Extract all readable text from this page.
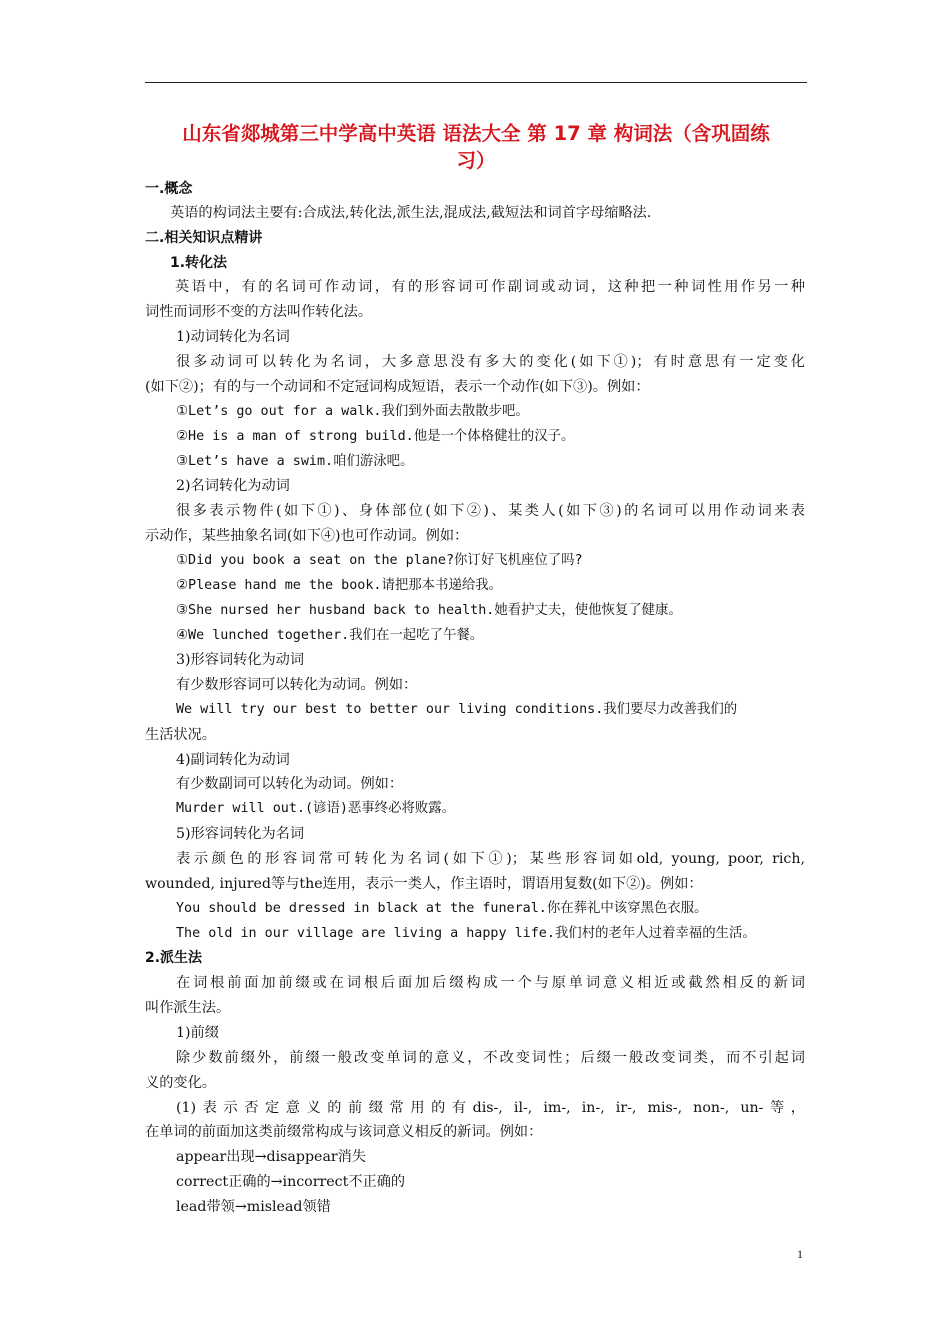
山东省郯城第三中学高中英语 语法大全 第 17 章 构词法（含巩固练
习）
一.概念
英语的构词法主要有:合成法,转化法,派生法,混成法,截短法和词首字母缩略法.
二.相关知识点精讲
1.转化法
英语中，有的名词可作动词，有的形容词可作副词或动词，这种把一种词性用作另一种
词性而词形不变的方法叫作转化法。
1)动词转化为名词
很多动词可以转化为名词，大多意思没有多大的变化(如下①)；有时意思有一定变化
(如下②)；有的与一个动词和不定冠词构成短语，表示一个动作(如下③)。例如：
①Let’s go out for a walk.我们到外面去散散步吧。
②He is a man of strong build.他是一个体格健壮的汉子。
③Let’s have a swim.咱们游泳吧。
2)名词转化为动词
很多表示物件(如下①)、身体部位(如下②)、某类人(如下③)的名词可以用作动词来表
示动作，某些抽象名词(如下④)也可作动词。例如：
①Did you book a seat on the plane?你订好飞机座位了吗?
②Please hand me the book.请把那本书递给我。
③She nursed her husband back to health.她看护丈夫，使他恢复了健康。
④We lunched together.我们在一起吃了午餐。
3)形容词转化为动词
有少数形容词可以转化为动词。例如：
We will try our best to better our living conditions.我们要尽力改善我们的
生活状况。
4)副词转化为动词
有少数副词可以转化为动词。例如：
Murder will out.(谚语)恶事终必将败露。
5)形容词转化为名词
表示颜色的形容词常可转化为名词(如下①)；某些形容词如old, young, poor, rich,
wounded, injured等与the连用，表示一类人，作主语时，谓语用复数(如下②)。例如：
You should be dressed in black at the funeral.你在葬礼中该穿黑色衣服。
The old in our village are living a happy life.我们村的老年人过着幸福的生活。
2.派生法
在词根前面加前缀或在词根后面加后缀构成一个与原单词意义相近或截然相反的新词
叫作派生法。
1)前缀
除少数前缀外，前缀一般改变单词的意义，不改变词性；后缀一般改变词类，而不引起词
义的变化。
(1)表示否定意义的前缀常用的有dis-, il-, im-, in-, ir-, mis-, non-, un-等，
在单词的前面加这类前缀常构成与该词意义相反的新词。例如：
appear出现→disappear消失
correct正确的→incorrect不正确的
lead带领→mislead领错
1
